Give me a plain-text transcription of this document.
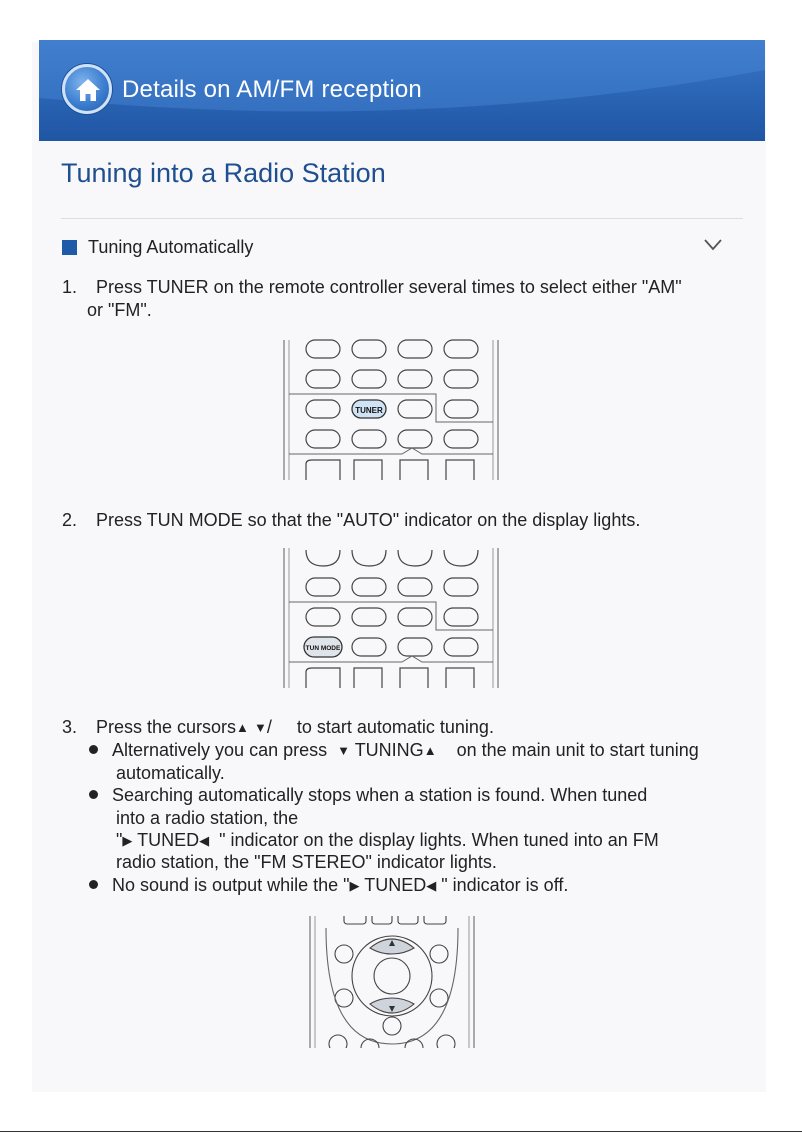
Details on AM/FM reception
Tuning into a Radio Station
Tuning Automatically
1. Press TUNER on the remote controller several times to select either "AM"
or "FM".
TUNER
2. Press TUN MODE so that the "AUTO" indicator on the display lights.
TUN MODE
3. Press the cursors▲ ▼/ to start automatic tuning.
Alternatively you can press ▼ TUNING▲ on the main unit to start tuning
automatically.
Searching automatically stops when a station is found. When tuned
into a radio station, the
"▶ TUNED◀ " indicator on the display lights. When tuned into an FM
radio station, the "FM STEREO" indicator lights.
No sound is output while the "▶ TUNED◀ " indicator is off.
